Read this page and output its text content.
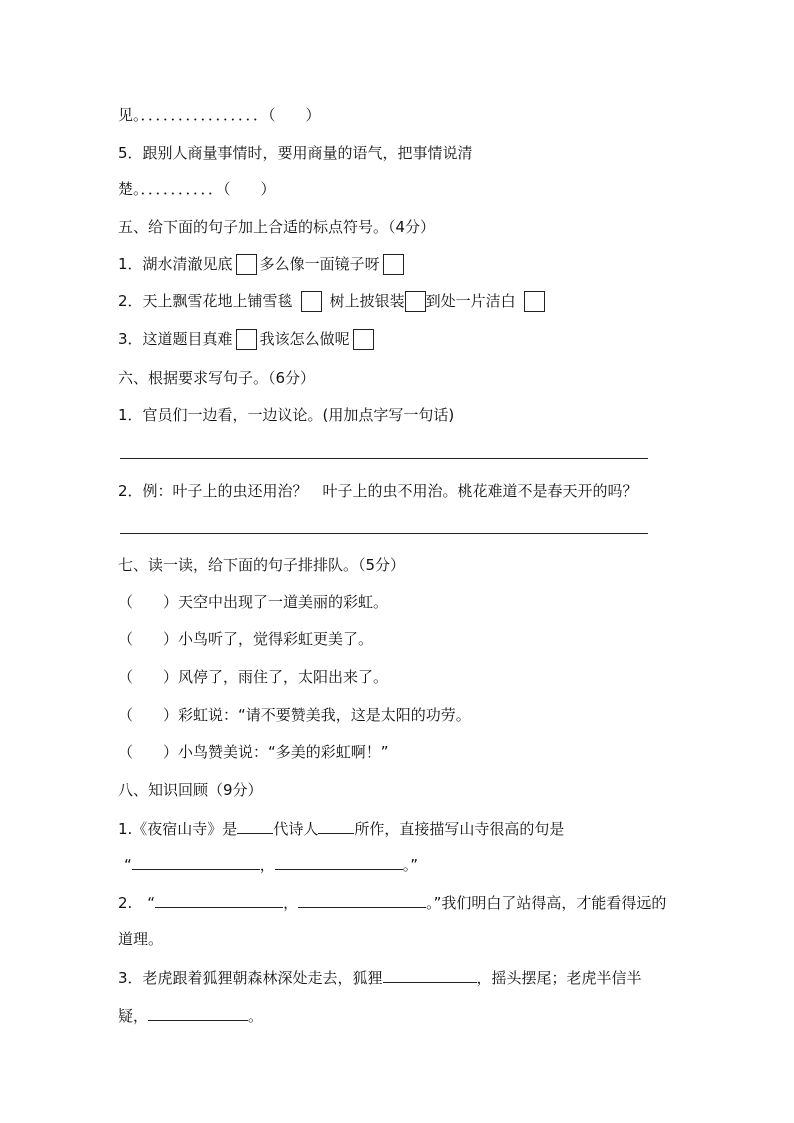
见。．．．．．．．．．．．．．．．．（　　）
5．跟别人商量事情时，要用商量的语气，把事情说清
楚。．．．．．．．．．．（　　）
五、给下面的句子加上合适的标点符号。（4分）
1．湖水清澈见底 多么像一面镜子呀
2．天上飘雪花地上铺雪毯 树上披银装 到处一片洁白
3．这道题目真难 我该怎么做呢
六、根据要求写句子。（6分）
1．官员们一边看，一边议论。(用加点字写一句话)
2．例：叶子上的虫还用治？　叶子上的虫不用治。桃花难道不是春天开的吗？
七、读一读，给下面的句子排排队。（5分）
（　　）天空中出现了一道美丽的彩虹。
（　　）小鸟听了，觉得彩虹更美了。
（　　）风停了，雨住了，太阳出来了。
（　　）彩虹说：“请不要赞美我，这是太阳的功劳。
（　　）小鸟赞美说：“多美的彩虹啊！”
八、知识回顾（9分）
1.《夜宿山寺》是 代诗人 所作，直接描写山寺很高的句是
“	，	。”
2.　“	，	。”我们明白了站得高，才能看得远的
道理。
3．老虎跟着狐狸朝森林深处走去，狐狸	，摇头摆尾；老虎半信半
疑，	。
